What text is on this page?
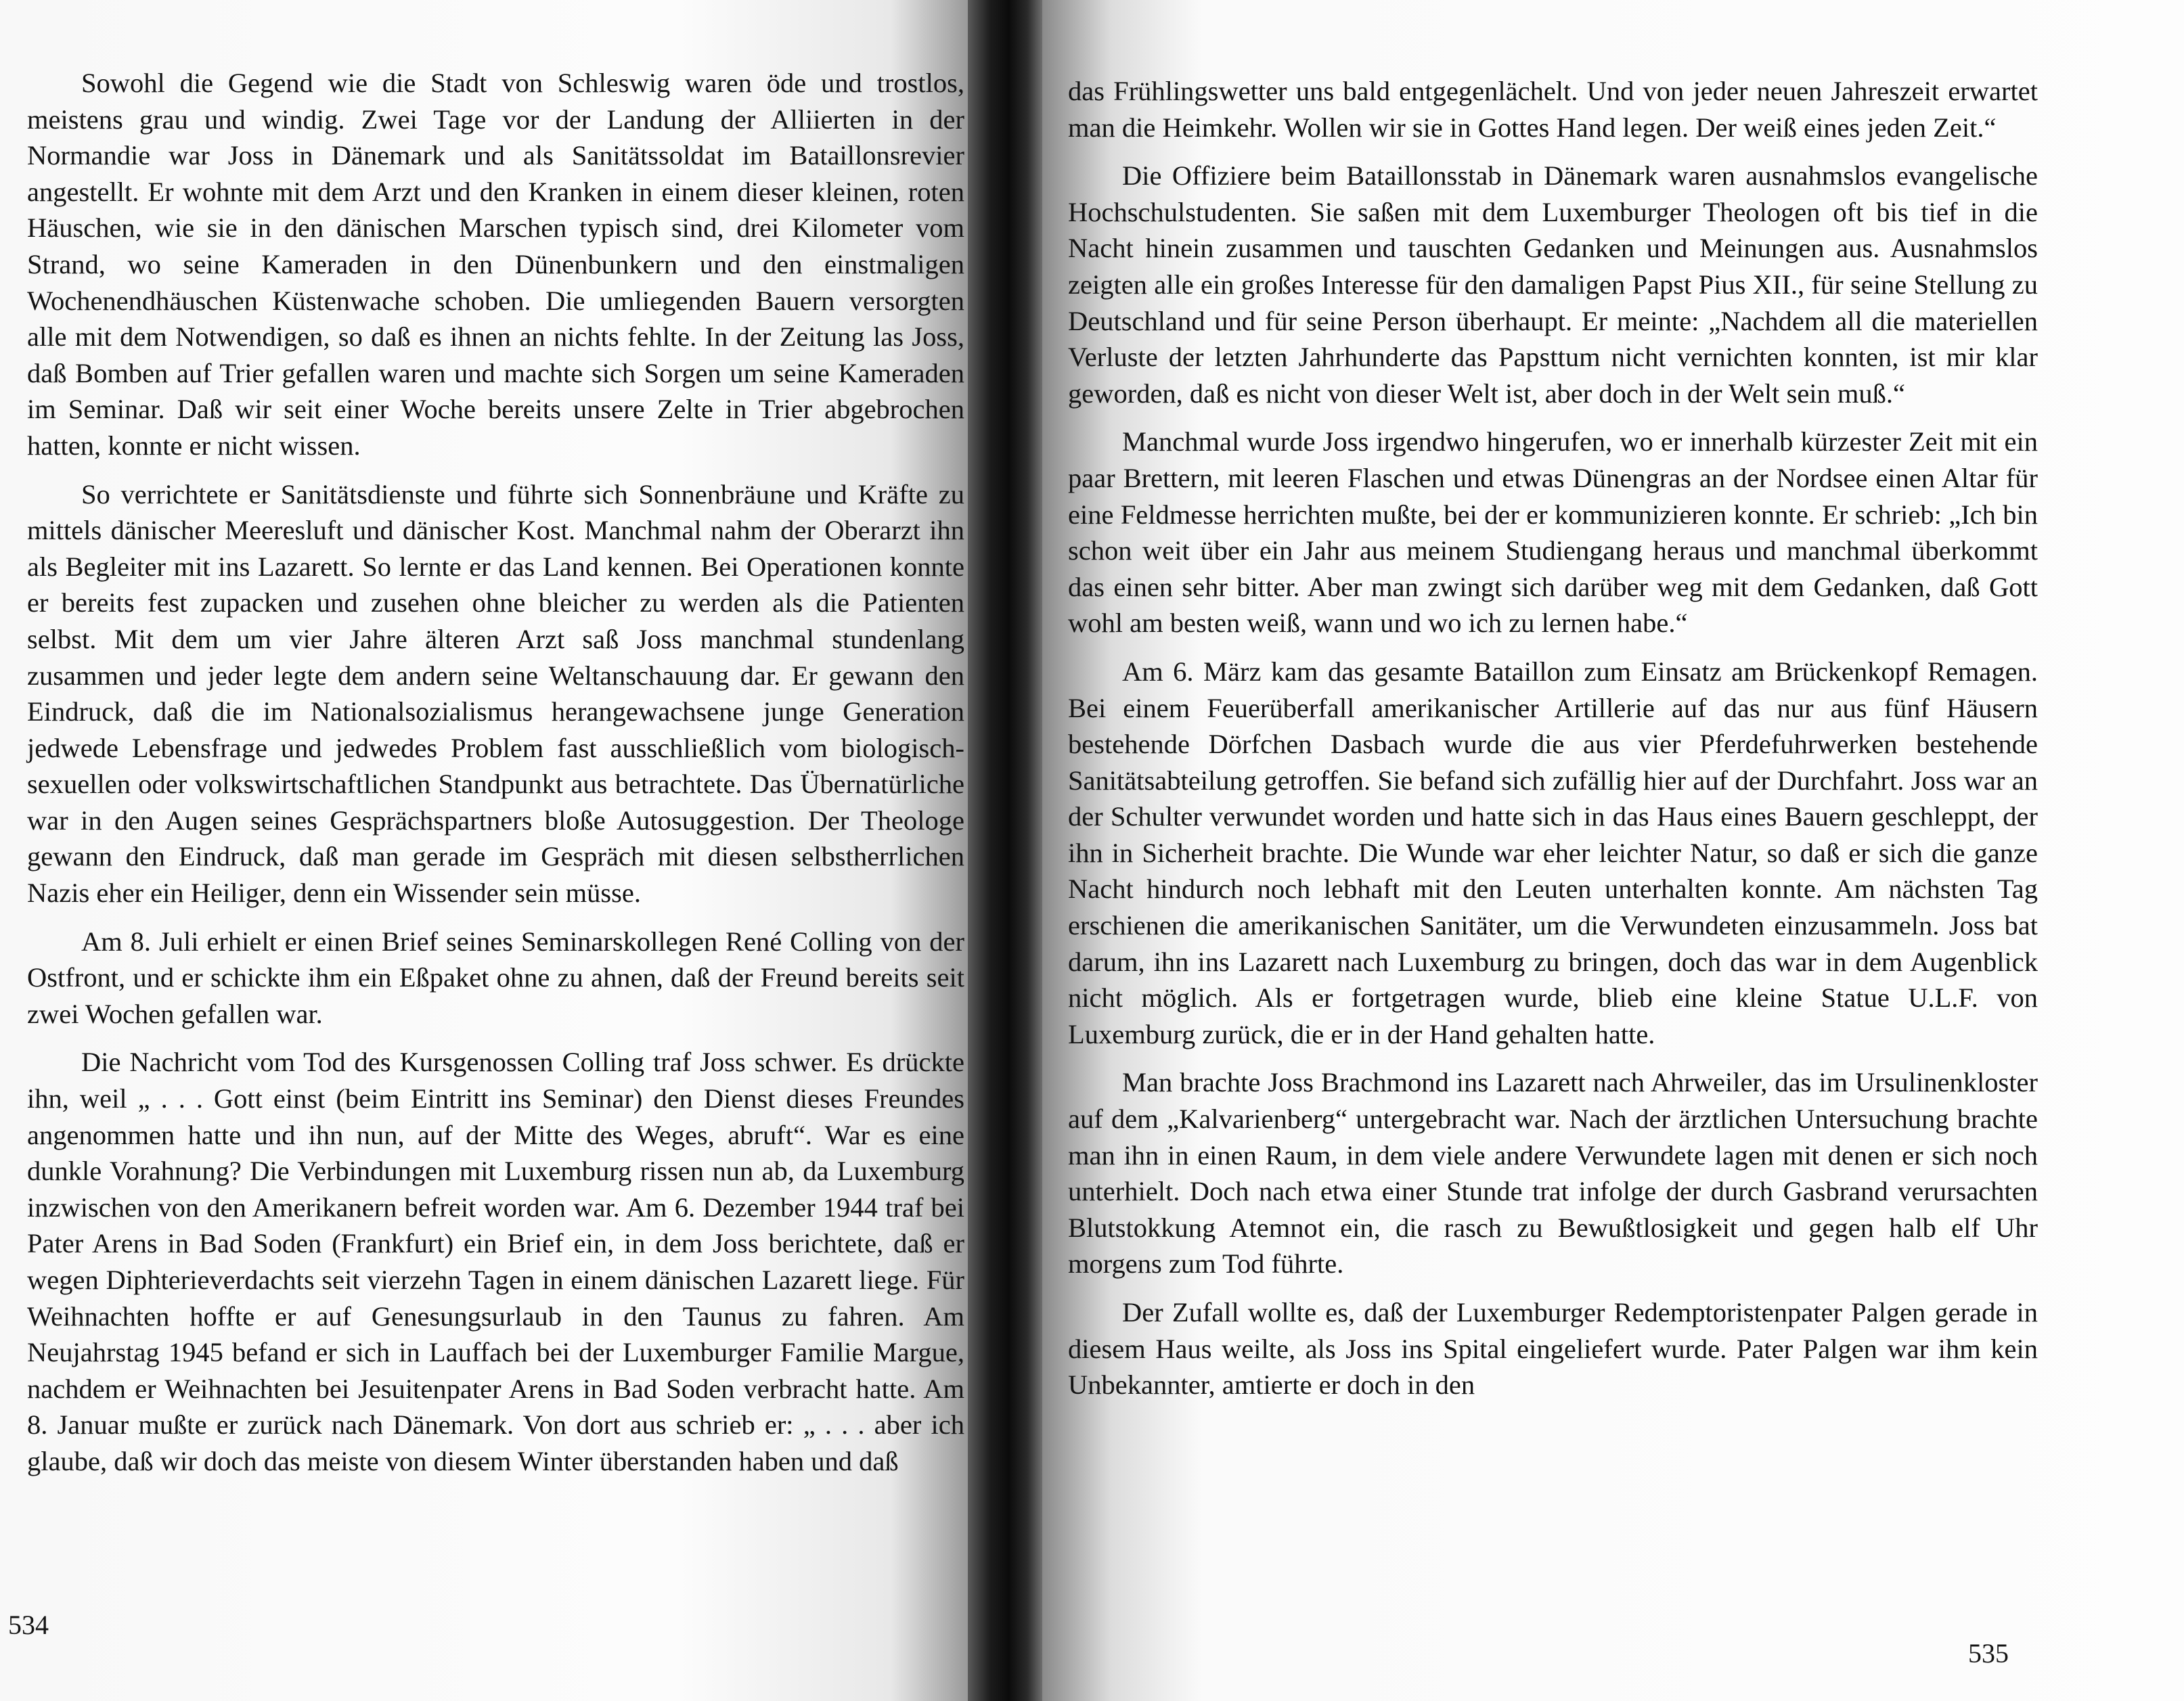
Sowohl die Gegend wie die Stadt von Schleswig waren öde und trostlos, meistens grau und windig. Zwei Tage vor der Landung der Alliierten in der Normandie war Joss in Dänemark und als Sanitätssoldat im Bataillonsrevier angestellt. Er wohnte mit dem Arzt und den Kranken in einem dieser kleinen, roten Häuschen, wie sie in den dänischen Marschen typisch sind, drei Kilometer vom Strand, wo seine Kameraden in den Dünenbunkern und den einstmaligen Wochenendhäuschen Küstenwache schoben. Die umliegenden Bauern versorgten alle mit dem Notwendigen, so daß es ihnen an nichts fehlte. In der Zeitung las Joss, daß Bomben auf Trier gefallen waren und machte sich Sorgen um seine Kameraden im Seminar. Daß wir seit einer Woche bereits unsere Zelte in Trier abgebrochen hatten, konnte er nicht wissen.

So verrichtete er Sanitätsdienste und führte sich Sonnenbräune und Kräfte zu mittels dänischer Meeresluft und dänischer Kost. Manchmal nahm der Oberarzt ihn als Begleiter mit ins Lazarett. So lernte er das Land kennen. Bei Operationen konnte er bereits fest zupacken und zusehen ohne bleicher zu werden als die Patienten selbst. Mit dem um vier Jahre älteren Arzt saß Joss manchmal stundenlang zusammen und jeder legte dem andern seine Weltanschauung dar. Er gewann den Eindruck, daß die im Nationalsozialismus herangewachsene junge Generation jedwede Lebensfrage und jedwedes Problem fast ausschließlich vom biologisch-sexuellen oder volkswirtschaftlichen Standpunkt aus betrachtete. Das Übernatürliche war in den Augen seines Gesprächspartners bloße Autosuggestion. Der Theologe gewann den Eindruck, daß man gerade im Gespräch mit diesen selbstherrlichen Nazis eher ein Heiliger, denn ein Wissender sein müsse.

Am 8. Juli erhielt er einen Brief seines Seminarskollegen René Colling von der Ostfront, und er schickte ihm ein Eßpaket ohne zu ahnen, daß der Freund bereits seit zwei Wochen gefallen war.

Die Nachricht vom Tod des Kursgenossen Colling traf Joss schwer. Es drückte ihn, weil „ . . . Gott einst (beim Eintritt ins Seminar) den Dienst dieses Freundes angenommen hatte und ihn nun, auf der Mitte des Weges, abruft“. War es eine dunkle Vorahnung? Die Verbindungen mit Luxemburg rissen nun ab, da Luxemburg inzwischen von den Amerikanern befreit worden war. Am 6. Dezember 1944 traf bei Pater Arens in Bad Soden (Frankfurt) ein Brief ein, in dem Joss berichtete, daß er wegen Diphterieverdachts seit vierzehn Tagen in einem dänischen Lazarett liege. Für Weihnachten hoffte er auf Genesungsurlaub in den Taunus zu fahren. Am Neujahrstag 1945 befand er sich in Lauffach bei der Luxemburger Familie Margue, nachdem er Weihnachten bei Jesuitenpater Arens in Bad Soden verbracht hatte. Am 8. Januar mußte er zurück nach Dänemark. Von dort aus schrieb er: „ . . . aber ich glaube, daß wir doch das meiste von diesem Winter überstanden haben und daß

534

das Frühlingswetter uns bald entgegenlächelt. Und von jeder neuen Jahreszeit erwartet man die Heimkehr. Wollen wir sie in Gottes Hand legen. Der weiß eines jeden Zeit.“

Die Offiziere beim Bataillonsstab in Dänemark waren ausnahmslos evangelische Hochschulstudenten. Sie saßen mit dem Luxemburger Theologen oft bis tief in die Nacht hinein zusammen und tauschten Gedanken und Meinungen aus. Ausnahmslos zeigten alle ein großes Interesse für den damaligen Papst Pius XII., für seine Stellung zu Deutschland und für seine Person überhaupt. Er meinte: „Nachdem all die materiellen Verluste der letzten Jahrhunderte das Papsttum nicht vernichten konnten, ist mir klar geworden, daß es nicht von dieser Welt ist, aber doch in der Welt sein muß.“

Manchmal wurde Joss irgendwo hingerufen, wo er innerhalb kürzester Zeit mit ein paar Brettern, mit leeren Flaschen und etwas Dünengras an der Nordsee einen Altar für eine Feldmesse herrichten mußte, bei der er kommunizieren konnte. Er schrieb: „Ich bin schon weit über ein Jahr aus meinem Studiengang heraus und manchmal überkommt das einen sehr bitter. Aber man zwingt sich darüber weg mit dem Gedanken, daß Gott wohl am besten weiß, wann und wo ich zu lernen habe.“

Am 6. März kam das gesamte Bataillon zum Einsatz am Brückenkopf Remagen. Bei einem Feuerüberfall amerikanischer Artillerie auf das nur aus fünf Häusern bestehende Dörfchen Dasbach wurde die aus vier Pferdefuhrwerken bestehende Sanitätsabteilung getroffen. Sie befand sich zufällig hier auf der Durchfahrt. Joss war an der Schulter verwundet worden und hatte sich in das Haus eines Bauern geschleppt, der ihn in Sicherheit brachte. Die Wunde war eher leichter Natur, so daß er sich die ganze Nacht hindurch noch lebhaft mit den Leuten unterhalten konnte. Am nächsten Tag erschienen die amerikanischen Sanitäter, um die Verwundeten einzusammeln. Joss bat darum, ihn ins Lazarett nach Luxemburg zu bringen, doch das war in dem Augenblick nicht möglich. Als er fortgetragen wurde, blieb eine kleine Statue U.L.F. von Luxemburg zurück, die er in der Hand gehalten hatte.

Man brachte Joss Brachmond ins Lazarett nach Ahrweiler, das im Ursulinenkloster auf dem „Kalvarienberg“ untergebracht war. Nach der ärztlichen Untersuchung brachte man ihn in einen Raum, in dem viele andere Verwundete lagen mit denen er sich noch unterhielt. Doch nach etwa einer Stunde trat infolge der durch Gasbrand verursachten Blutstokkung Atemnot ein, die rasch zu Bewußtlosigkeit und gegen halb elf Uhr morgens zum Tod führte.

Der Zufall wollte es, daß der Luxemburger Redemptoristenpater Palgen gerade in diesem Haus weilte, als Joss ins Spital eingeliefert wurde. Pater Palgen war ihm kein Unbekannter, amtierte er doch in den

535
